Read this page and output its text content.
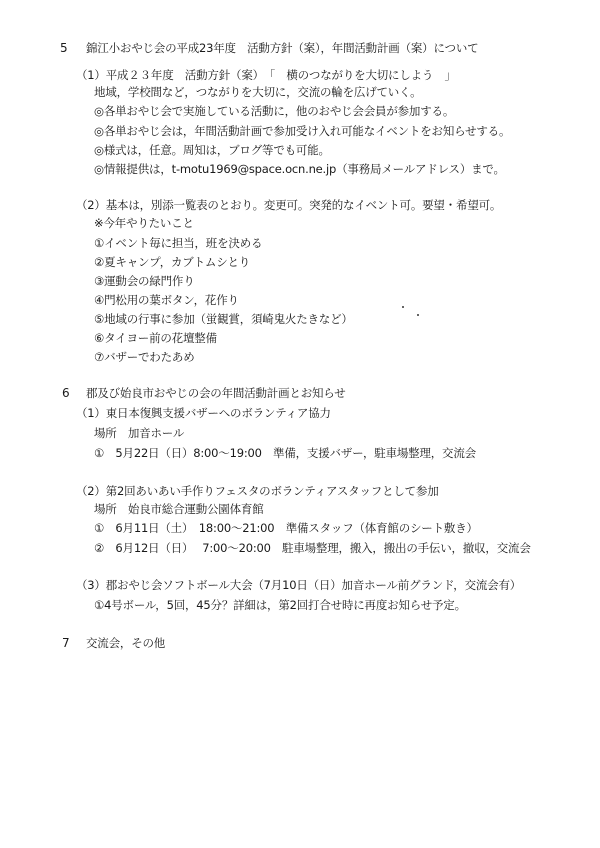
5 錦江小おやじ会の平成23年度　活動方針（案），年間活動計画（案）について
（1）平成２３年度　活動方針（案）　「　横のつながりを大切にしよう　」
地域，学校間など，つながりを大切に，交流の輪を広げていく。
◎各単おやじ会で実施している活動に，他のおやじ会会員が参加する。
◎各単おやじ会は，年間活動計画で参加受け入れ可能なイベントをお知らせする。
◎様式は，任意。周知は，ブログ等でも可能。
◎情報提供は，t-motu1969@space.ocn.ne.jp（事務局メールアドレス）まで。
（2）基本は，別添一覧表のとおり。変更可。突発的なイベント可。要望・希望可。
※今年やりたいこと
①イベント毎に担当，班を決める
②夏キャンプ，カブトムシとり
③運動会の緑門作り
④門松用の葉ボタン，花作り
⑤地域の行事に参加（蛍観賞，須崎鬼火たきなど）
⑥タイヨー前の花壇整備
⑦バザーでわたあめ
6 郡及び始良市おやじの会の年間活動計画とお知らせ
（1）東日本復興支援バザーへのボランティア協力
場所　加音ホール
①　5月22日（日）8:00～19:00　準備，支援バザー，駐車場整理，交流会
（2）第2回あいあい手作りフェスタのボランティアスタッフとして参加
場所　始良市総合運動公園体育館
①　6月11日（土）　18:00～21:00　準備スタッフ（体育館のシート敷き）
②　6月12日（日）　 7:00～20:00　駐車場整理，搬入，搬出の手伝い，撤収，交流会
（3）郡おやじ会ソフトボール大会（7月10日（日）加音ホール前グランド，交流会有）
①4号ボール，5回，45分？詳細は，第2回打合せ時に再度お知らせ予定。
7 交流会，その他
